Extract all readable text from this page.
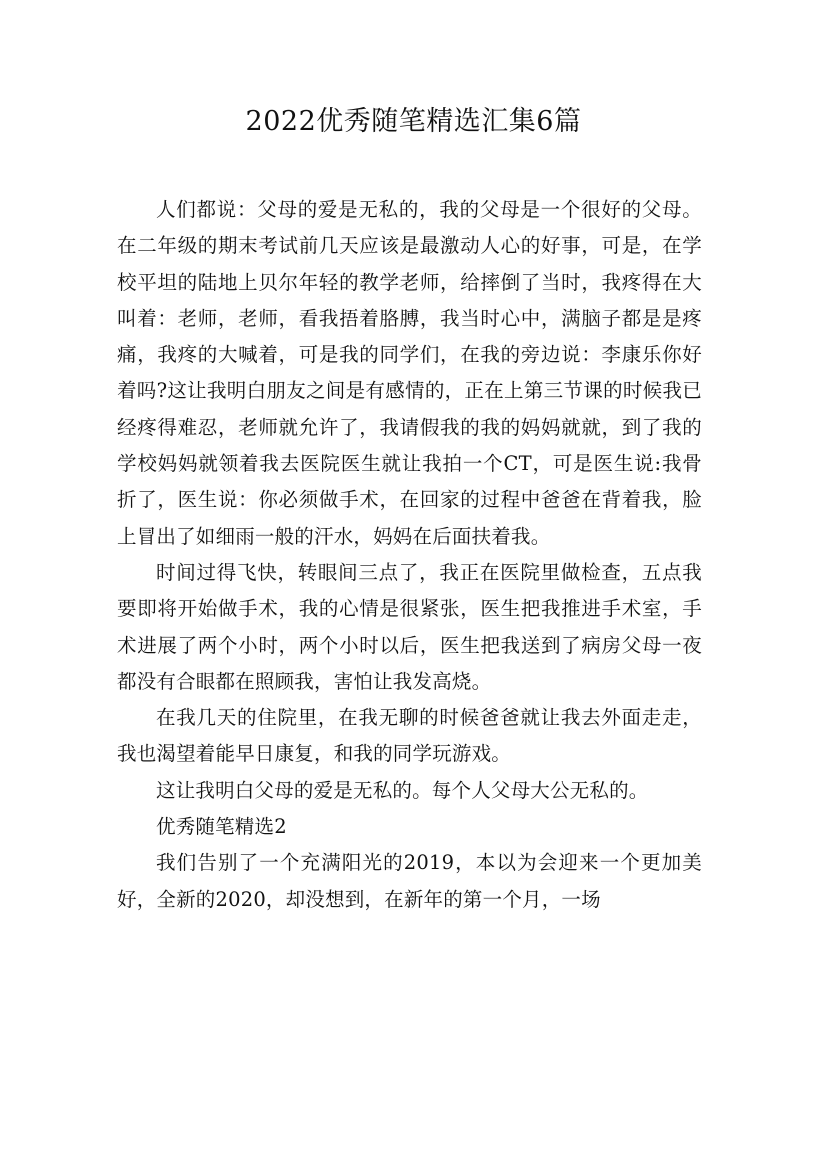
2022优秀随笔精选汇集6篇

人们都说：父母的爱是无私的，我的父母是一个很好的父母。在二年级的期末考试前几天应该是最激动人心的好事，可是，在学校平坦的陆地上贝尔年轻的教学老师，给摔倒了当时，我疼得在大叫着：老师，老师，看我捂着胳膊，我当时心中，满脑子都是是疼痛，我疼的大喊着，可是我的同学们，在我的旁边说：李康乐你好着吗?这让我明白朋友之间是有感情的，正在上第三节课的时候我已经疼得难忍，老师就允许了，我请假我的我的妈妈就就，到了我的学校妈妈就领着我去医院医生就让我拍一个CT，可是医生说:我骨折了，医生说：你必须做手术，在回家的过程中爸爸在背着我，脸上冒出了如细雨一般的汗水，妈妈在后面扶着我。

时间过得飞快，转眼间三点了，我正在医院里做检查，五点我要即将开始做手术，我的心情是很紧张，医生把我推进手术室，手术进展了两个小时，两个小时以后，医生把我送到了病房父母一夜都没有合眼都在照顾我，害怕让我发高烧。

在我几天的住院里，在我无聊的时候爸爸就让我去外面走走，我也渴望着能早日康复，和我的同学玩游戏。

这让我明白父母的爱是无私的。每个人父母大公无私的。

优秀随笔精选2

我们告别了一个充满阳光的2019，本以为会迎来一个更加美好，全新的2020，却没想到，在新年的第一个月，一场
